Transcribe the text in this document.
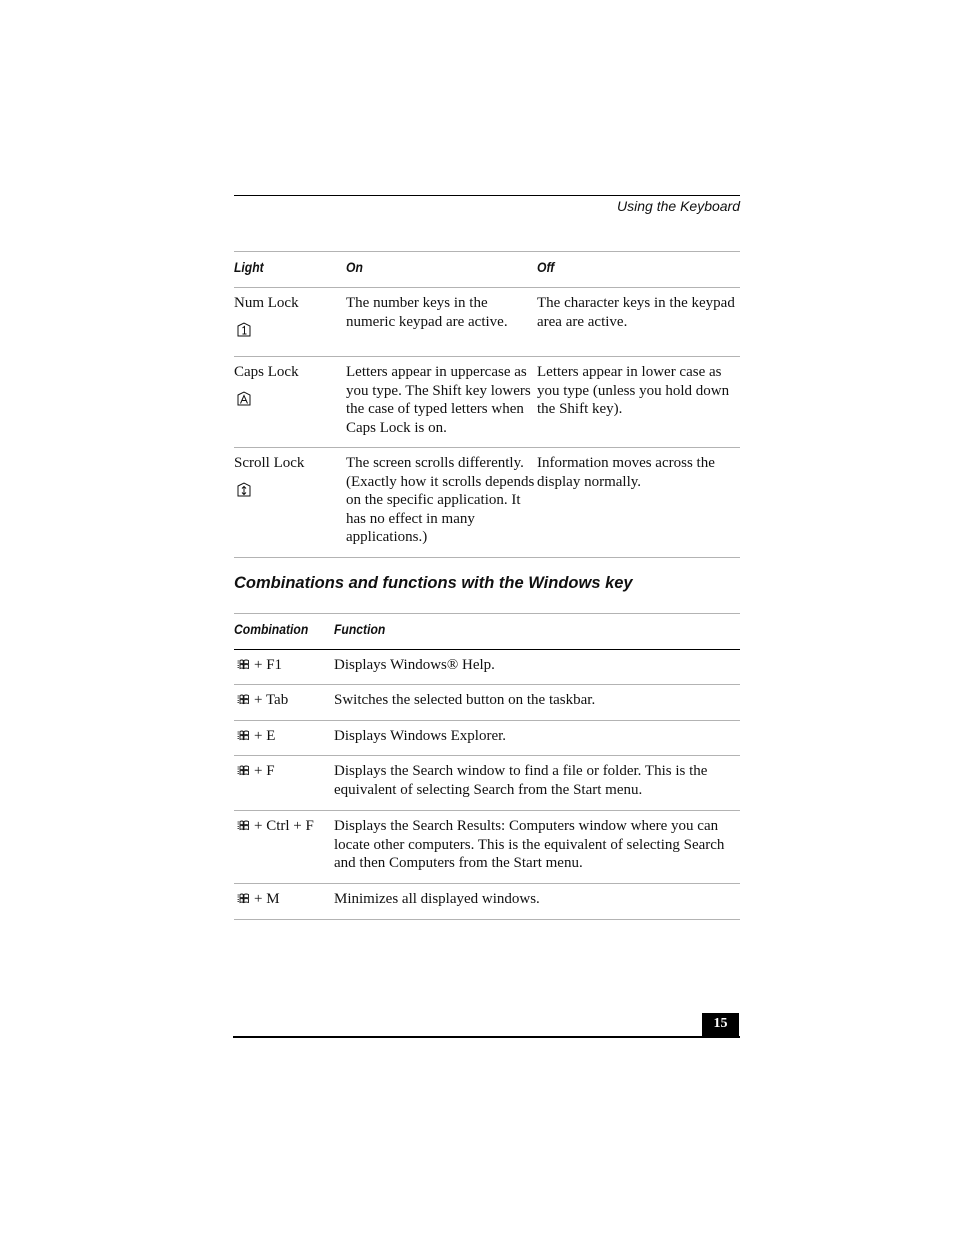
Using the Keyboard
Light	On	Off
Num Lock	The number keys in the numeric keypad are active.	The character keys in the keypad area are active.
Caps Lock	Letters appear in uppercase as you type. The Shift key lowers the case of typed letters when Caps Lock is on.	Letters appear in lower case as you type (unless you hold down the Shift key).
Scroll Lock	The screen scrolls differently. (Exactly how it scrolls depends on the specific application. It has no effect in many applications.)	Information moves across the display normally.
Combinations and functions with the Windows key
Combination	Function
+ F1	Displays Windows® Help.
+ Tab	Switches the selected button on the taskbar.
+ E	Displays Windows Explorer.
+ F	Displays the Search window to find a file or folder. This is the equivalent of selecting Search from the Start menu.
+ Ctrl + F	Displays the Search Results: Computers window where you can locate other computers. This is the equivalent of selecting Search and then Computers from the Start menu.
+ M	Minimizes all displayed windows.
15
